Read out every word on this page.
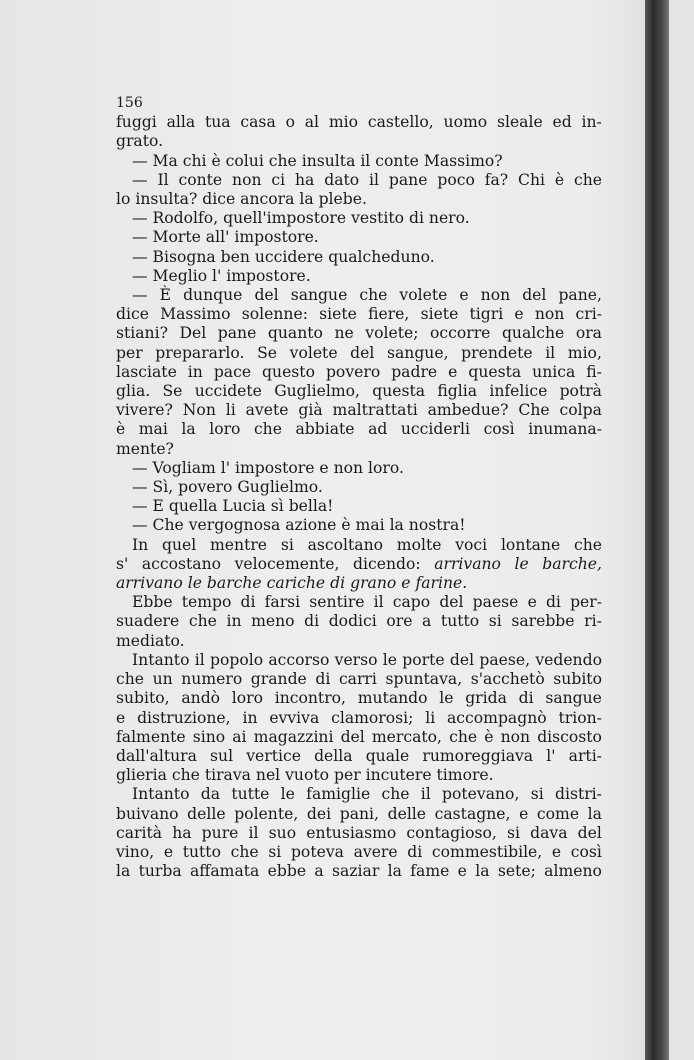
156
fuggi alla tua casa o al mio castello, uomo sleale ed in-
grato.
— Ma chi è colui che insulta il conte Massimo?
— Il conte non ci ha dato il pane poco fa? Chi è che
lo insulta? dice ancora la plebe.
— Rodolfo, quell'impostore vestito di nero.
— Morte all' impostore.
— Bisogna ben uccidere qualcheduno.
— Meglio l' impostore.
— È dunque del sangue che volete e non del pane,
dice Massimo solenne: siete fiere, siete tigri e non cri-
stiani? Del pane quanto ne volete; occorre qualche ora
per prepararlo. Se volete del sangue, prendete il mio,
lasciate in pace questo povero padre e questa unica fi-
glia. Se uccidete Guglielmo, questa figlia infelice potrà
vivere? Non li avete già maltrattati ambedue? Che colpa
è mai la loro che abbiate ad ucciderli così inumana-
mente?
— Vogliam l' impostore e non loro.
— Sì, povero Guglielmo.
— E quella Lucia sì bella!
— Che vergognosa azione è mai la nostra!
In quel mentre si ascoltano molte voci lontane che
s' accostano velocemente, dicendo: arrivano le barche,
arrivano le barche cariche di grano e farine.
Ebbe tempo di farsi sentire il capo del paese e di per-
suadere che in meno di dodici ore a tutto si sarebbe ri-
mediato.
Intanto il popolo accorso verso le porte del paese, vedendo
che un numero grande di carri spuntava, s'acchetò subito
subito, andò loro incontro, mutando le grida di sangue
e distruzione, in evviva clamorosi; li accompagnò trion-
falmente sino ai magazzini del mercato, che è non discosto
dall'altura sul vertice della quale rumoreggiava l' arti-
glieria che tirava nel vuoto per incutere timore.
Intanto da tutte le famiglie che il potevano, si distri-
buivano delle polente, dei pani, delle castagne, e come la
carità ha pure il suo entusiasmo contagioso, si dava del
vino, e tutto che si poteva avere di commestibile, e così
la turba affamata ebbe a saziar la fame e la sete; almeno
